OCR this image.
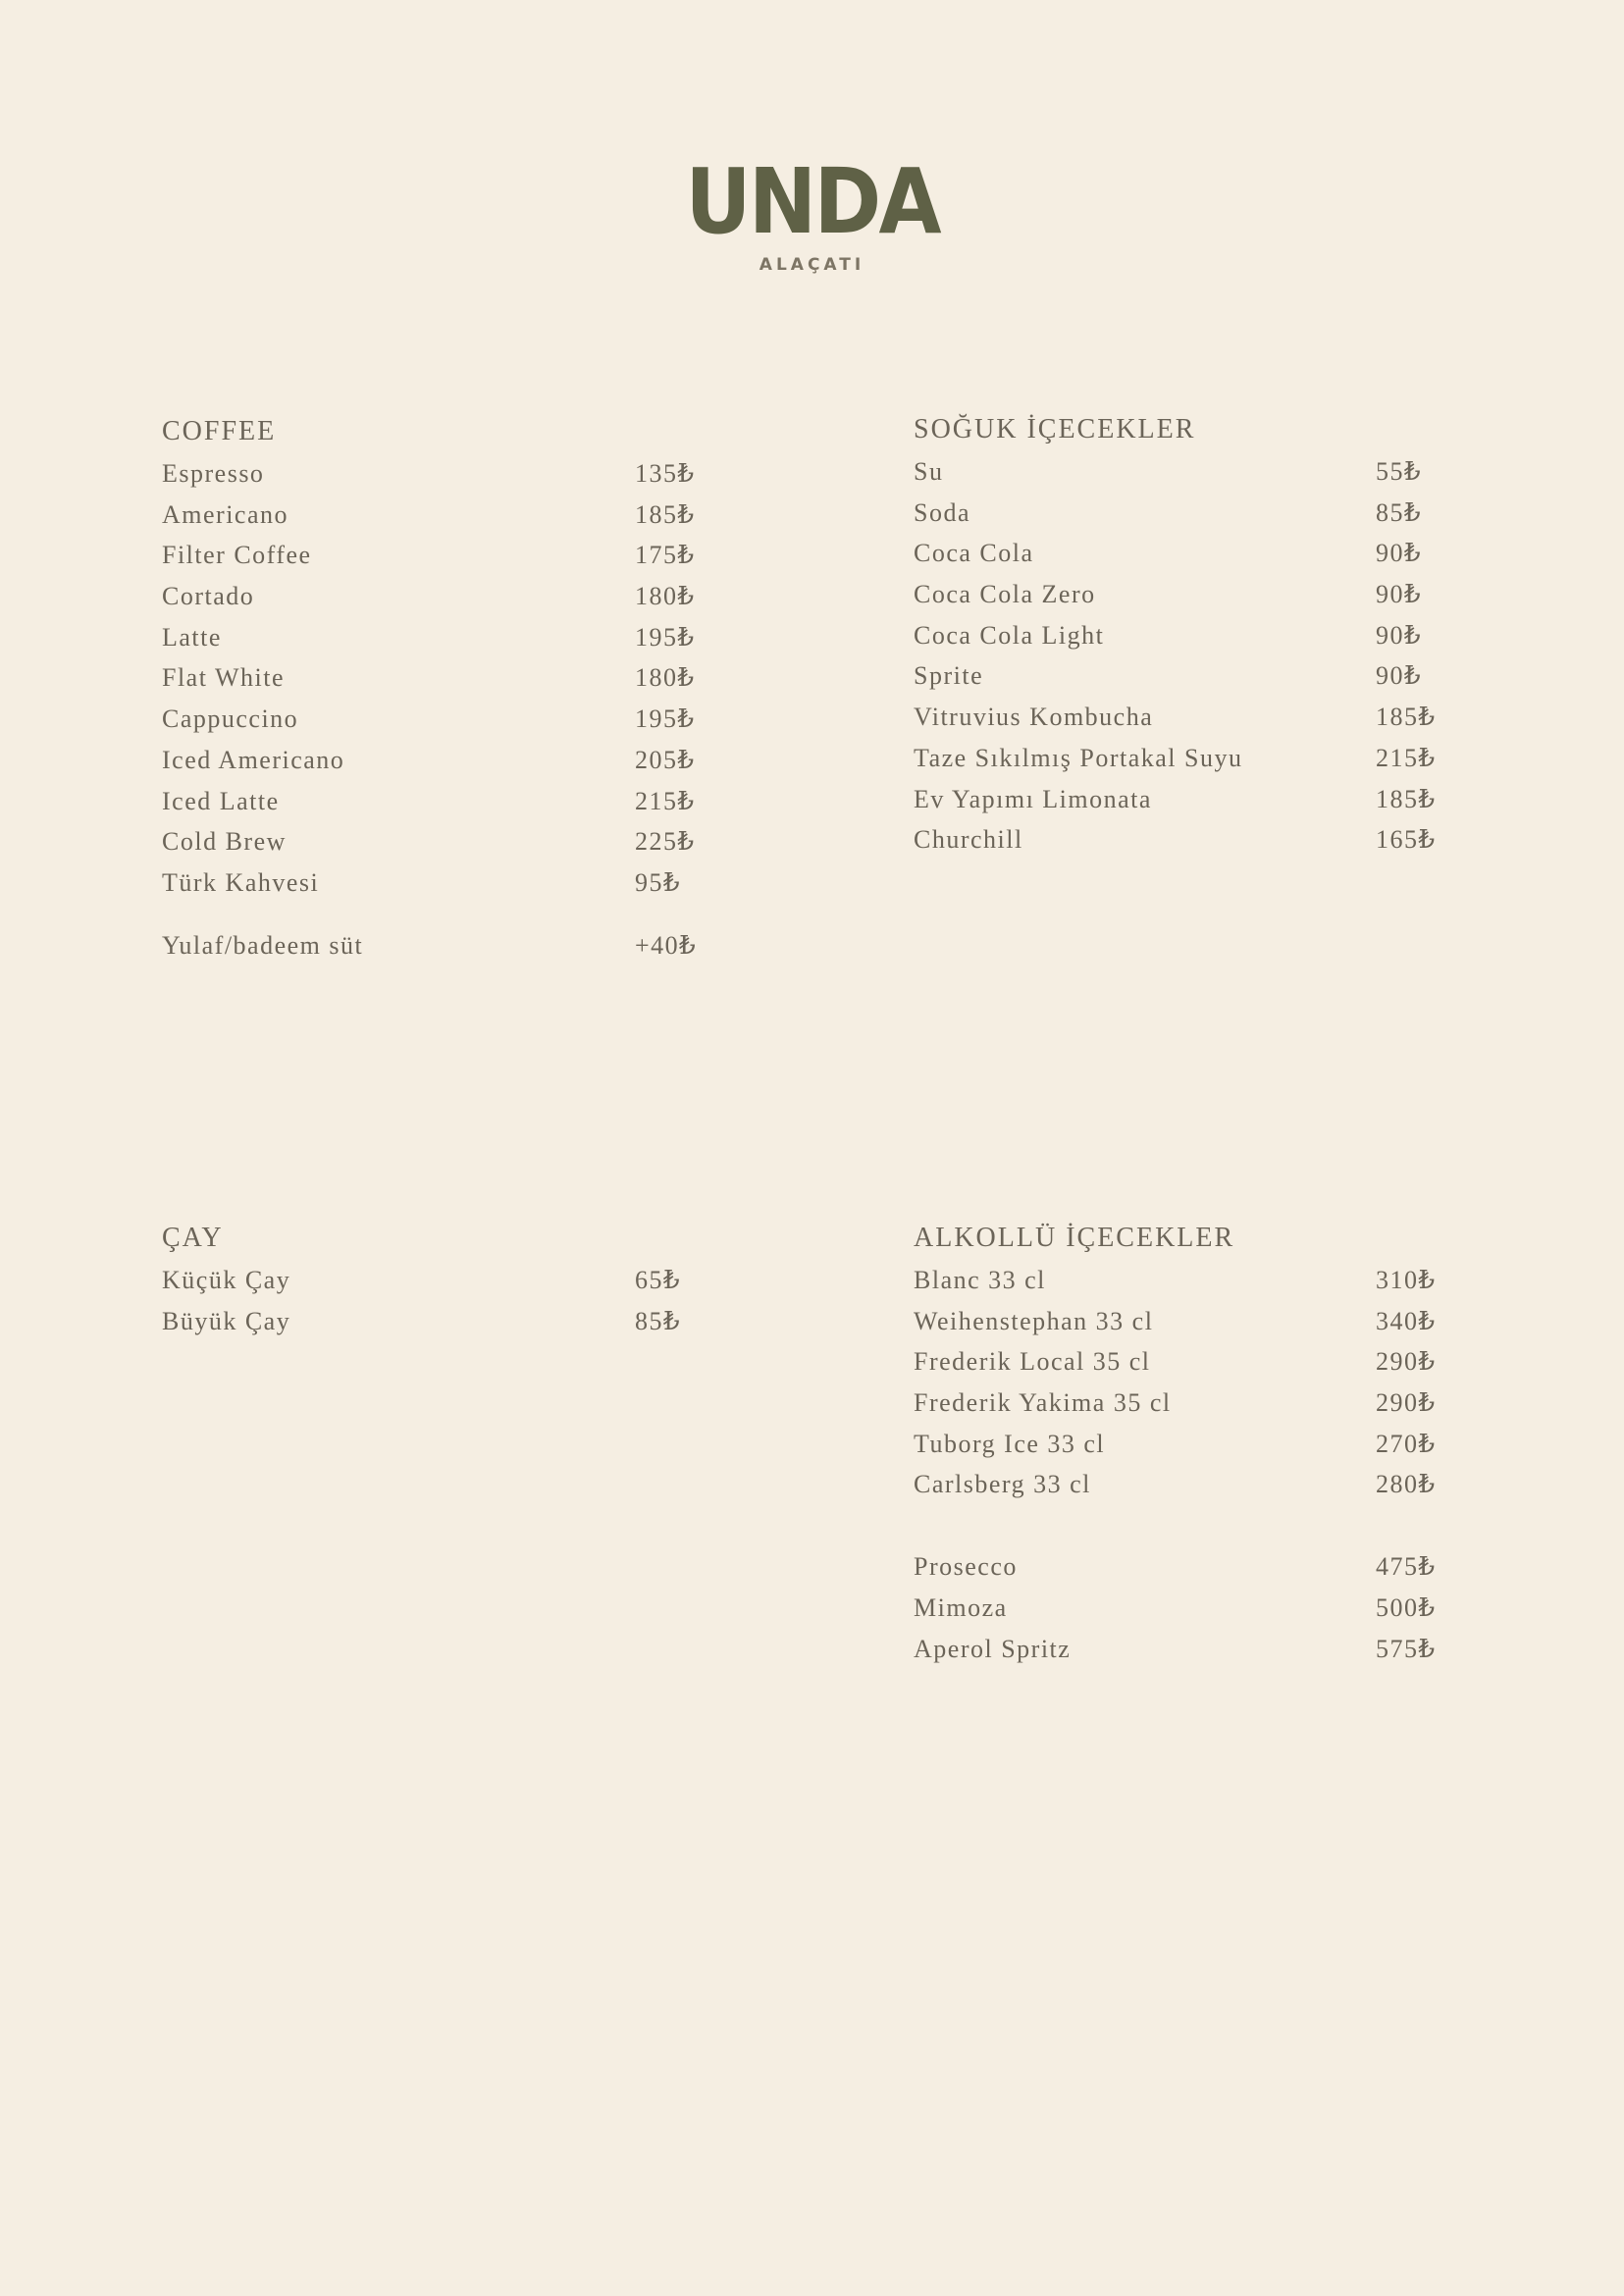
UNDA
ALAÇATI
COFFEE
Espresso	135₺
Americano	185₺
Filter Coffee	175₺
Cortado	180₺
Latte	195₺
Flat White	180₺
Cappuccino	195₺
Iced Americano	205₺
Iced Latte	215₺
Cold Brew	225₺
Türk Kahvesi	95₺
Yulaf/badeem süt	+40₺
SOĞUK İÇECEKLER
Su	55₺
Soda	85₺
Coca Cola	90₺
Coca Cola Zero	90₺
Coca Cola Light	90₺
Sprite	90₺
Vitruvius Kombucha	185₺
Taze Sıkılmış Portakal Suyu	215₺
Ev Yapımı Limonata	185₺
Churchill	165₺
ÇAY
Küçük Çay	65₺
Büyük Çay	85₺
ALKOLLÜ İÇECEKLER
Blanc 33 cl	310₺
Weihenstephan 33 cl	340₺
Frederik Local 35 cl	290₺
Frederik Yakima 35 cl	290₺
Tuborg Ice 33 cl	270₺
Carlsberg 33 cl	280₺
Prosecco	475₺
Mimoza	500₺
Aperol Spritz	575₺
